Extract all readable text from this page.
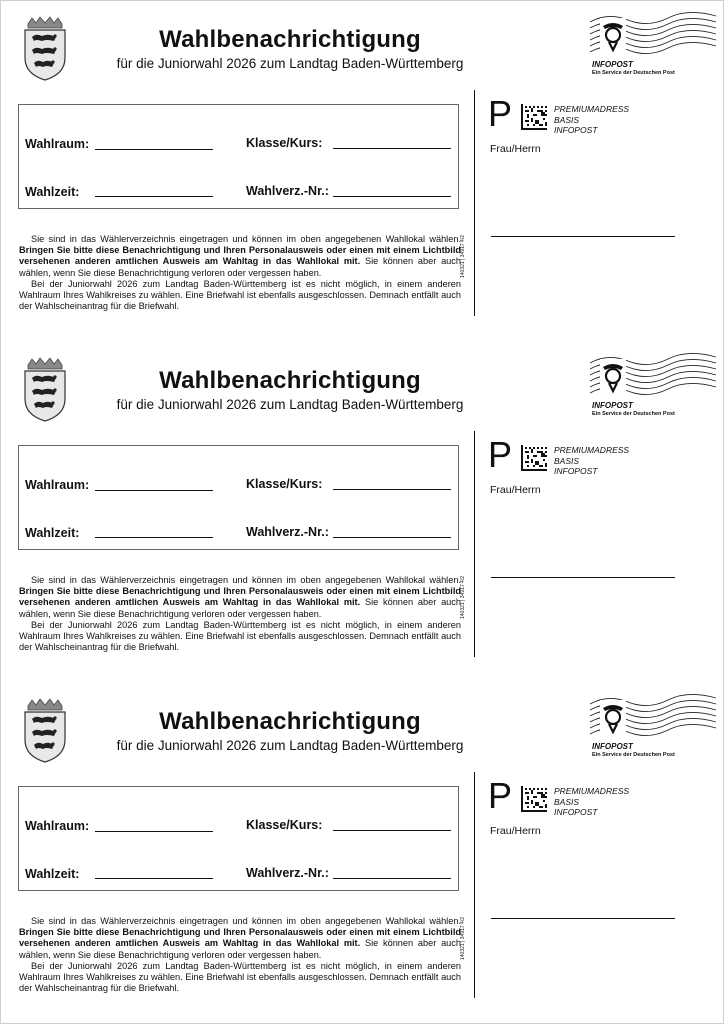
Wahlbenachrichtigung
für die Juniorwahl 2026 zum Landtag Baden-Württemberg	INFOPOST
Ein Service der Deutschen Post
Wahlraum:	Klasse/Kurs:
Wahlzeit:	Wahlverz.-Nr.:
P	PREMIUMADRESS
BASIS
INFOPOST
Frau/Herrn

Sie sind in das Wählerverzeichnis eingetragen und können im oben angegebenen Wahllokal wählen. Bringen Sie bitte diese Benachrichtigung und Ihren Personalausweis oder einen mit einem Lichtbild versehenen anderen amtlichen Ausweis am Wahltag in das Wahllokal mit. Sie können aber auch wählen, wenn Sie diese Benachrichtigung verloren oder vergessen haben.

Bei der Juniorwahl 2026 zum Landtag Baden-Württemberg ist es nicht möglich, in einem anderen Wahlraum Ihres Wahlkreises zu wählen. Eine Briefwahl ist ebenfalls ausgeschlossen. Demnach entfällt auch der Wahlscheinantrag für die Briefwahl.

140321 | 34917 4/2
Wahlbenachrichtigung
für die Juniorwahl 2026 zum Landtag Baden-Württemberg	INFOPOST
Ein Service der Deutschen Post
Wahlraum:	Klasse/Kurs:
Wahlzeit:	Wahlverz.-Nr.:
P	PREMIUMADRESS
BASIS
INFOPOST
Frau/Herrn

Sie sind in das Wählerverzeichnis eingetragen und können im oben angegebenen Wahllokal wählen. Bringen Sie bitte diese Benachrichtigung und Ihren Personalausweis oder einen mit einem Lichtbild versehenen anderen amtlichen Ausweis am Wahltag in das Wahllokal mit. Sie können aber auch wählen, wenn Sie diese Benachrichtigung verloren oder vergessen haben.

Bei der Juniorwahl 2026 zum Landtag Baden-Württemberg ist es nicht möglich, in einem anderen Wahlraum Ihres Wahlkreises zu wählen. Eine Briefwahl ist ebenfalls ausgeschlossen. Demnach entfällt auch der Wahlscheinantrag für die Briefwahl.

140321 | 34917 4/2
Wahlbenachrichtigung
für die Juniorwahl 2026 zum Landtag Baden-Württemberg	INFOPOST
Ein Service der Deutschen Post
Wahlraum:	Klasse/Kurs:
Wahlzeit:	Wahlverz.-Nr.:
P	PREMIUMADRESS
BASIS
INFOPOST
Frau/Herrn

Sie sind in das Wählerverzeichnis eingetragen und können im oben angegebenen Wahllokal wählen. Bringen Sie bitte diese Benachrichtigung und Ihren Personalausweis oder einen mit einem Lichtbild versehenen anderen amtlichen Ausweis am Wahltag in das Wahllokal mit. Sie können aber auch wählen, wenn Sie diese Benachrichtigung verloren oder vergessen haben.

Bei der Juniorwahl 2026 zum Landtag Baden-Württemberg ist es nicht möglich, in einem anderen Wahlraum Ihres Wahlkreises zu wählen. Eine Briefwahl ist ebenfalls ausgeschlossen. Demnach entfällt auch der Wahlscheinantrag für die Briefwahl.

140321 | 34917 4/2
